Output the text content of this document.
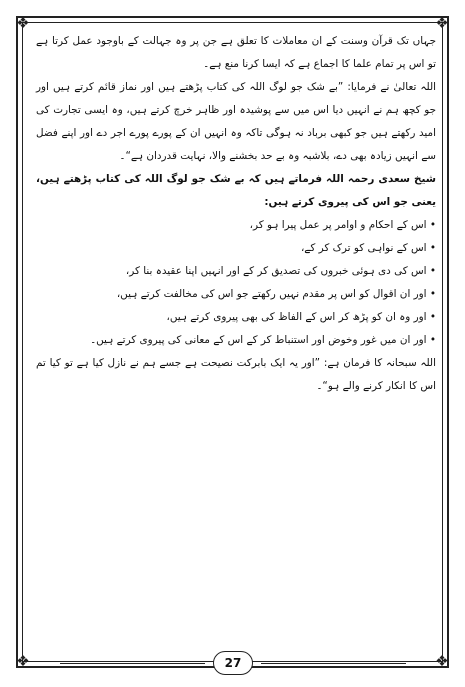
❖	❖
❖	❖

جہاں تک قرآن وسنت کے ان معاملات کا تعلق ہے جن پر وہ جہالت کے باوجود عمل کرتا ہے تو اس پر تمام علما کا اجماع ہے کہ ایسا کرنا منع ہے۔

اللہ تعالیٰ نے فرمایا: ”بے شک جو لوگ اللہ کی کتاب پڑھتے ہیں اور نماز قائم کرتے ہیں اور جو کچھ ہم نے انہیں دیا اس میں سے پوشیدہ اور ظاہر خرچ کرتے ہیں، وہ ایسی تجارت کی امید رکھتے ہیں جو کبھی برباد نہ ہوگی تاکہ وہ انہیں ان کے پورے پورے اجر دے اور اپنے فضل سے انہیں زیادہ بھی دے، بلاشبہ وہ بے حد بخشنے والا، نہایت قدردان ہے“۔

شیخ سعدی رحمہ اللہ فرماتے ہیں کہ بے شک جو لوگ اللہ کی کتاب پڑھتے ہیں، یعنی جو اس کی پیروی کرتے ہیں:

• اس کے احکام و اوامر پر عمل پیرا ہو کر،

• اس کے نواہی کو ترک کر کے،

• اس کی دی ہوئی خبروں کی تصدیق کر کے اور انہیں اپنا عقیدہ بنا کر،

• اور ان اقوال کو اس پر مقدم نہیں رکھتے جو اس کی مخالفت کرتے ہیں،

• اور وہ ان کو پڑھ کر اس کے الفاظ کی بھی پیروی کرتے ہیں،

• اور ان میں غور وخوض اور استنباط کر کے اس کے معانی کی پیروی کرتے ہیں۔

اللہ سبحانہ کا فرمان ہے: ”اور یہ ایک بابرکت نصیحت ہے جسے ہم نے نازل کیا ہے تو کیا تم اس کا انکار کرنے والے ہو“۔

27
